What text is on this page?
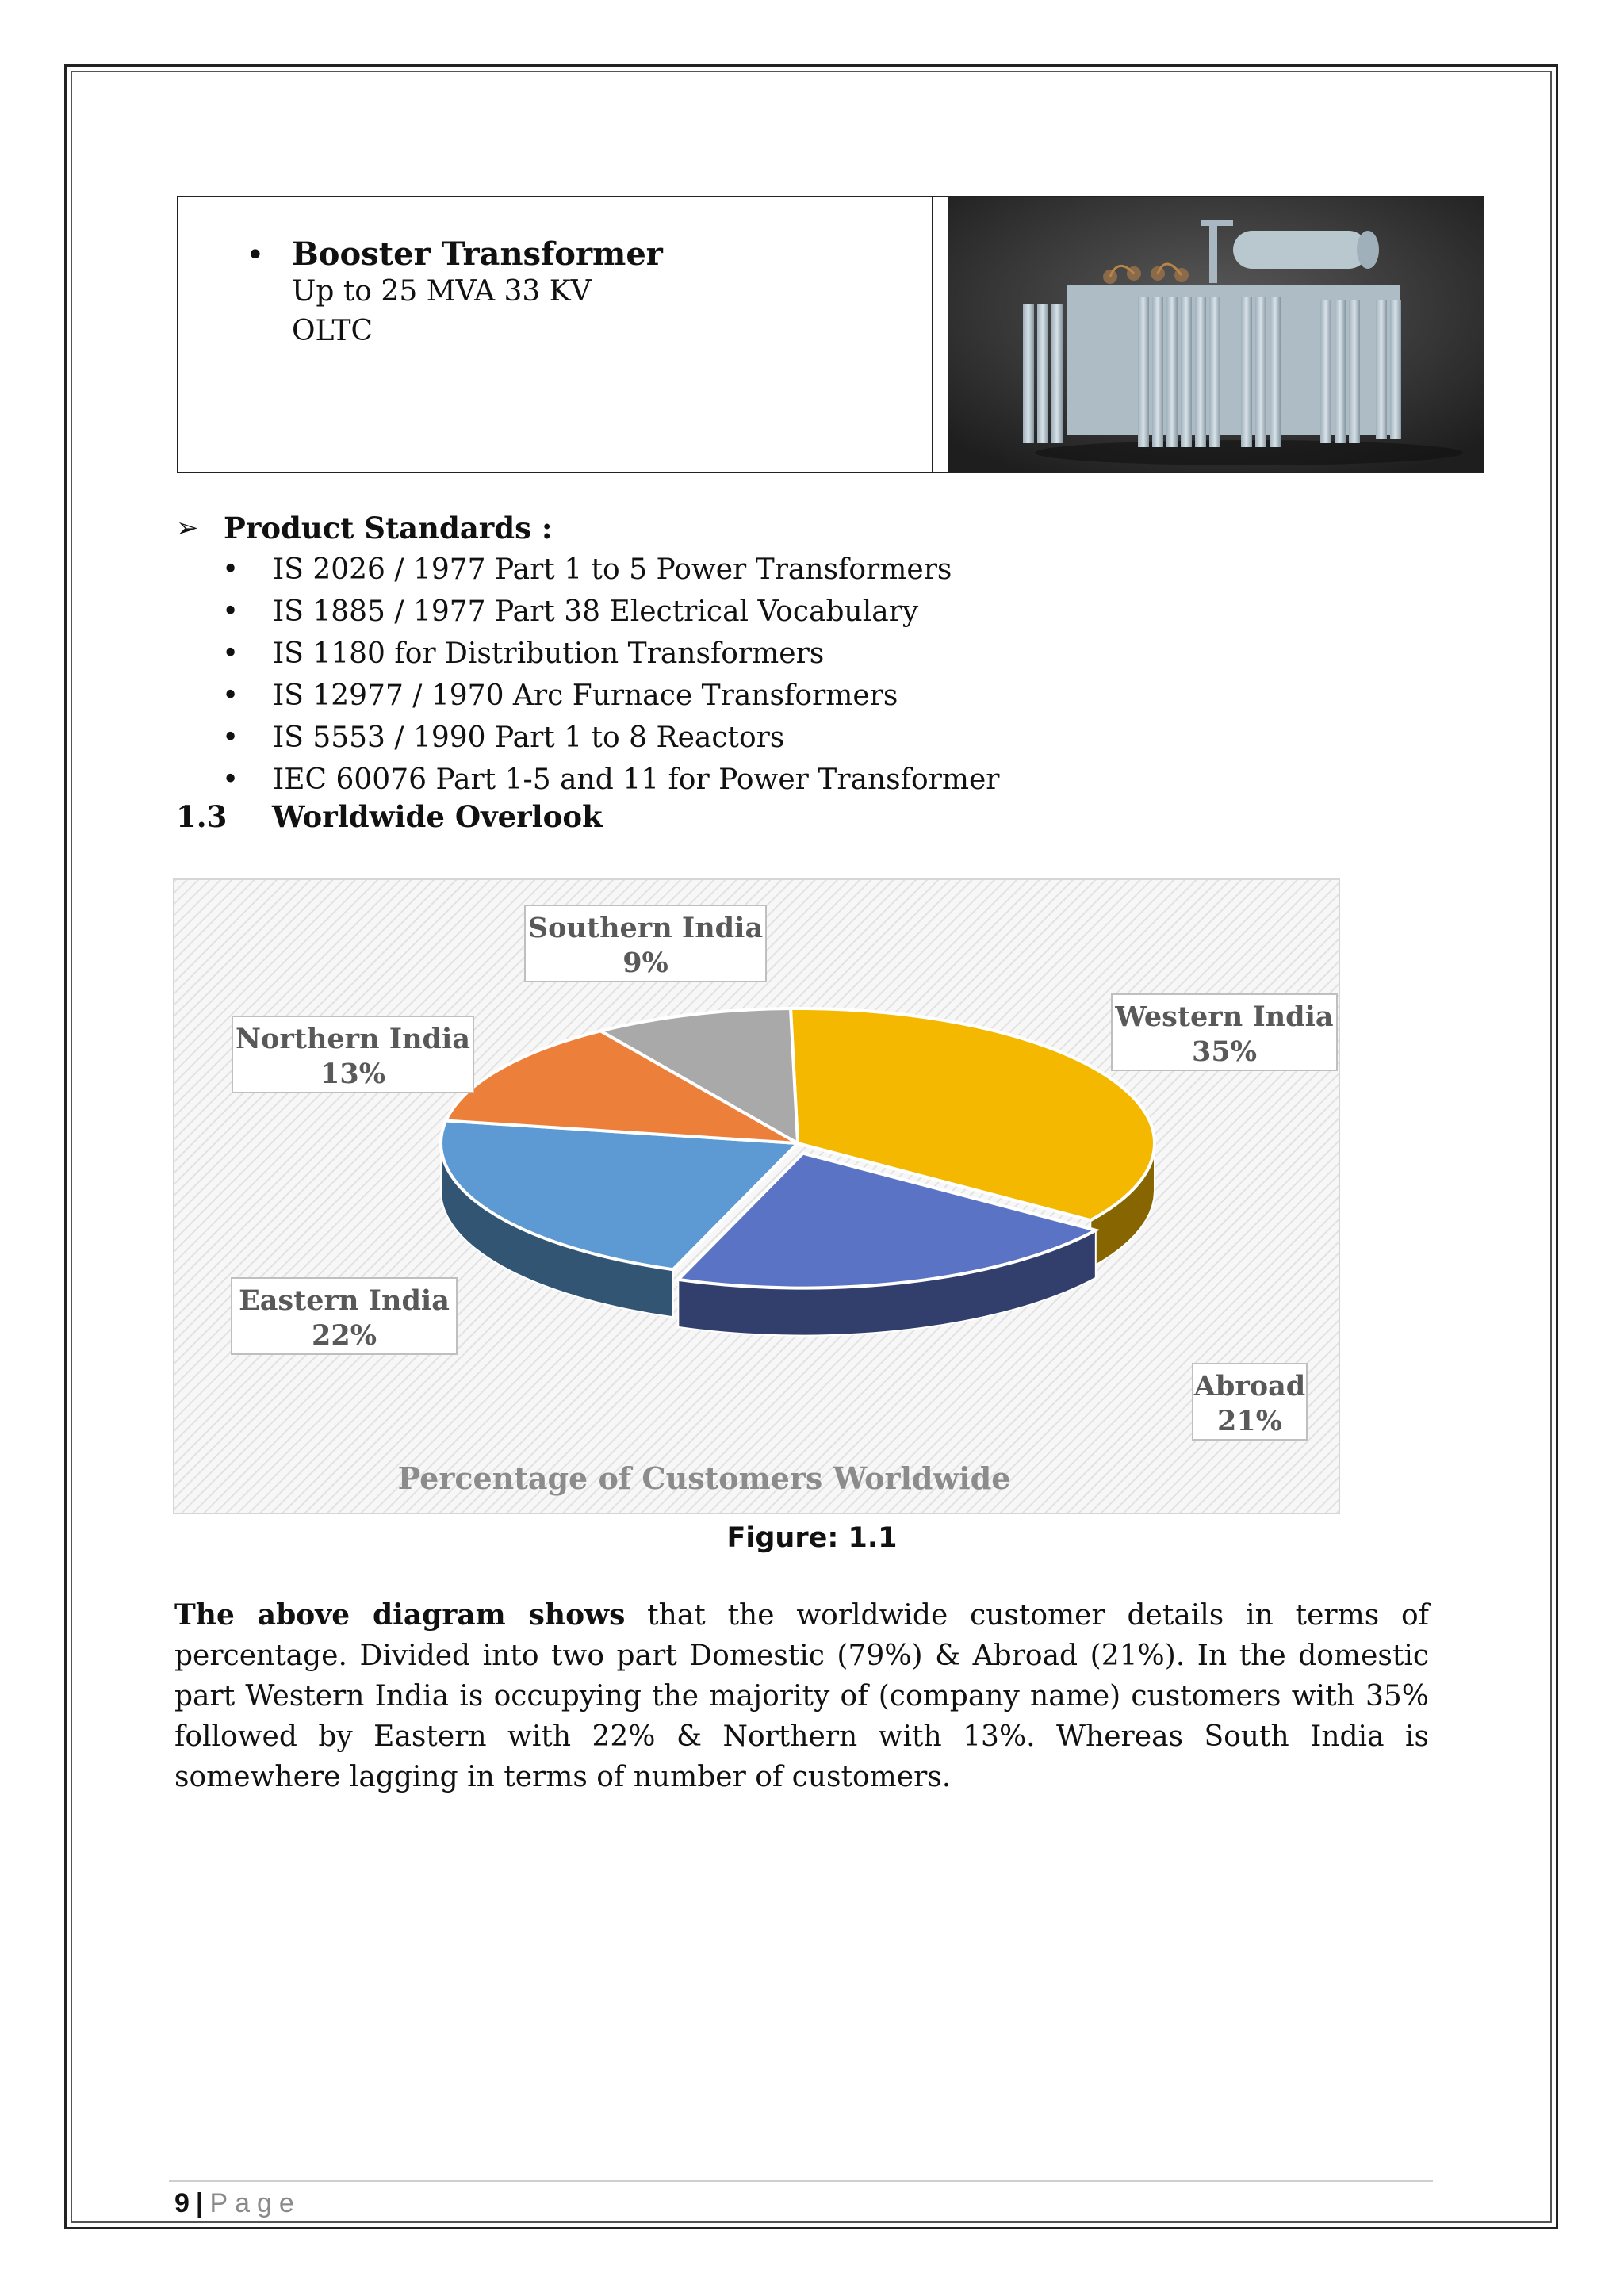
• Booster Transformer
Up to 25 MVA 33 KV
OLTC
➢ Product Standards :
• IS 2026 / 1977 Part 1 to 5 Power Transformers
• IS 1885 / 1977 Part 38 Electrical Vocabulary
• IS 1180 for Distribution Transformers
• IS 12977 / 1970 Arc Furnace Transformers
• IS 5553 / 1990 Part 1 to 8 Reactors
• IEC 60076 Part 1-5 and 11 for Power Transformer
1.3 Worldwide Overlook
Western India
35%
Abroad
21%
Eastern India
22%
Northern India
13%
Southern India
9%
Percentage of Customers Worldwide
Figure: 1.1
The above diagram shows that the worldwide customer details in terms of percentage. Divided into two part Domestic (79%) & Abroad (21%). In the domestic part Western India is occupying the majority of (company name) customers with 35% followed by Eastern with 22% & Northern with 13%. Whereas South India is somewhere lagging in terms of number of customers.
9 | Page
